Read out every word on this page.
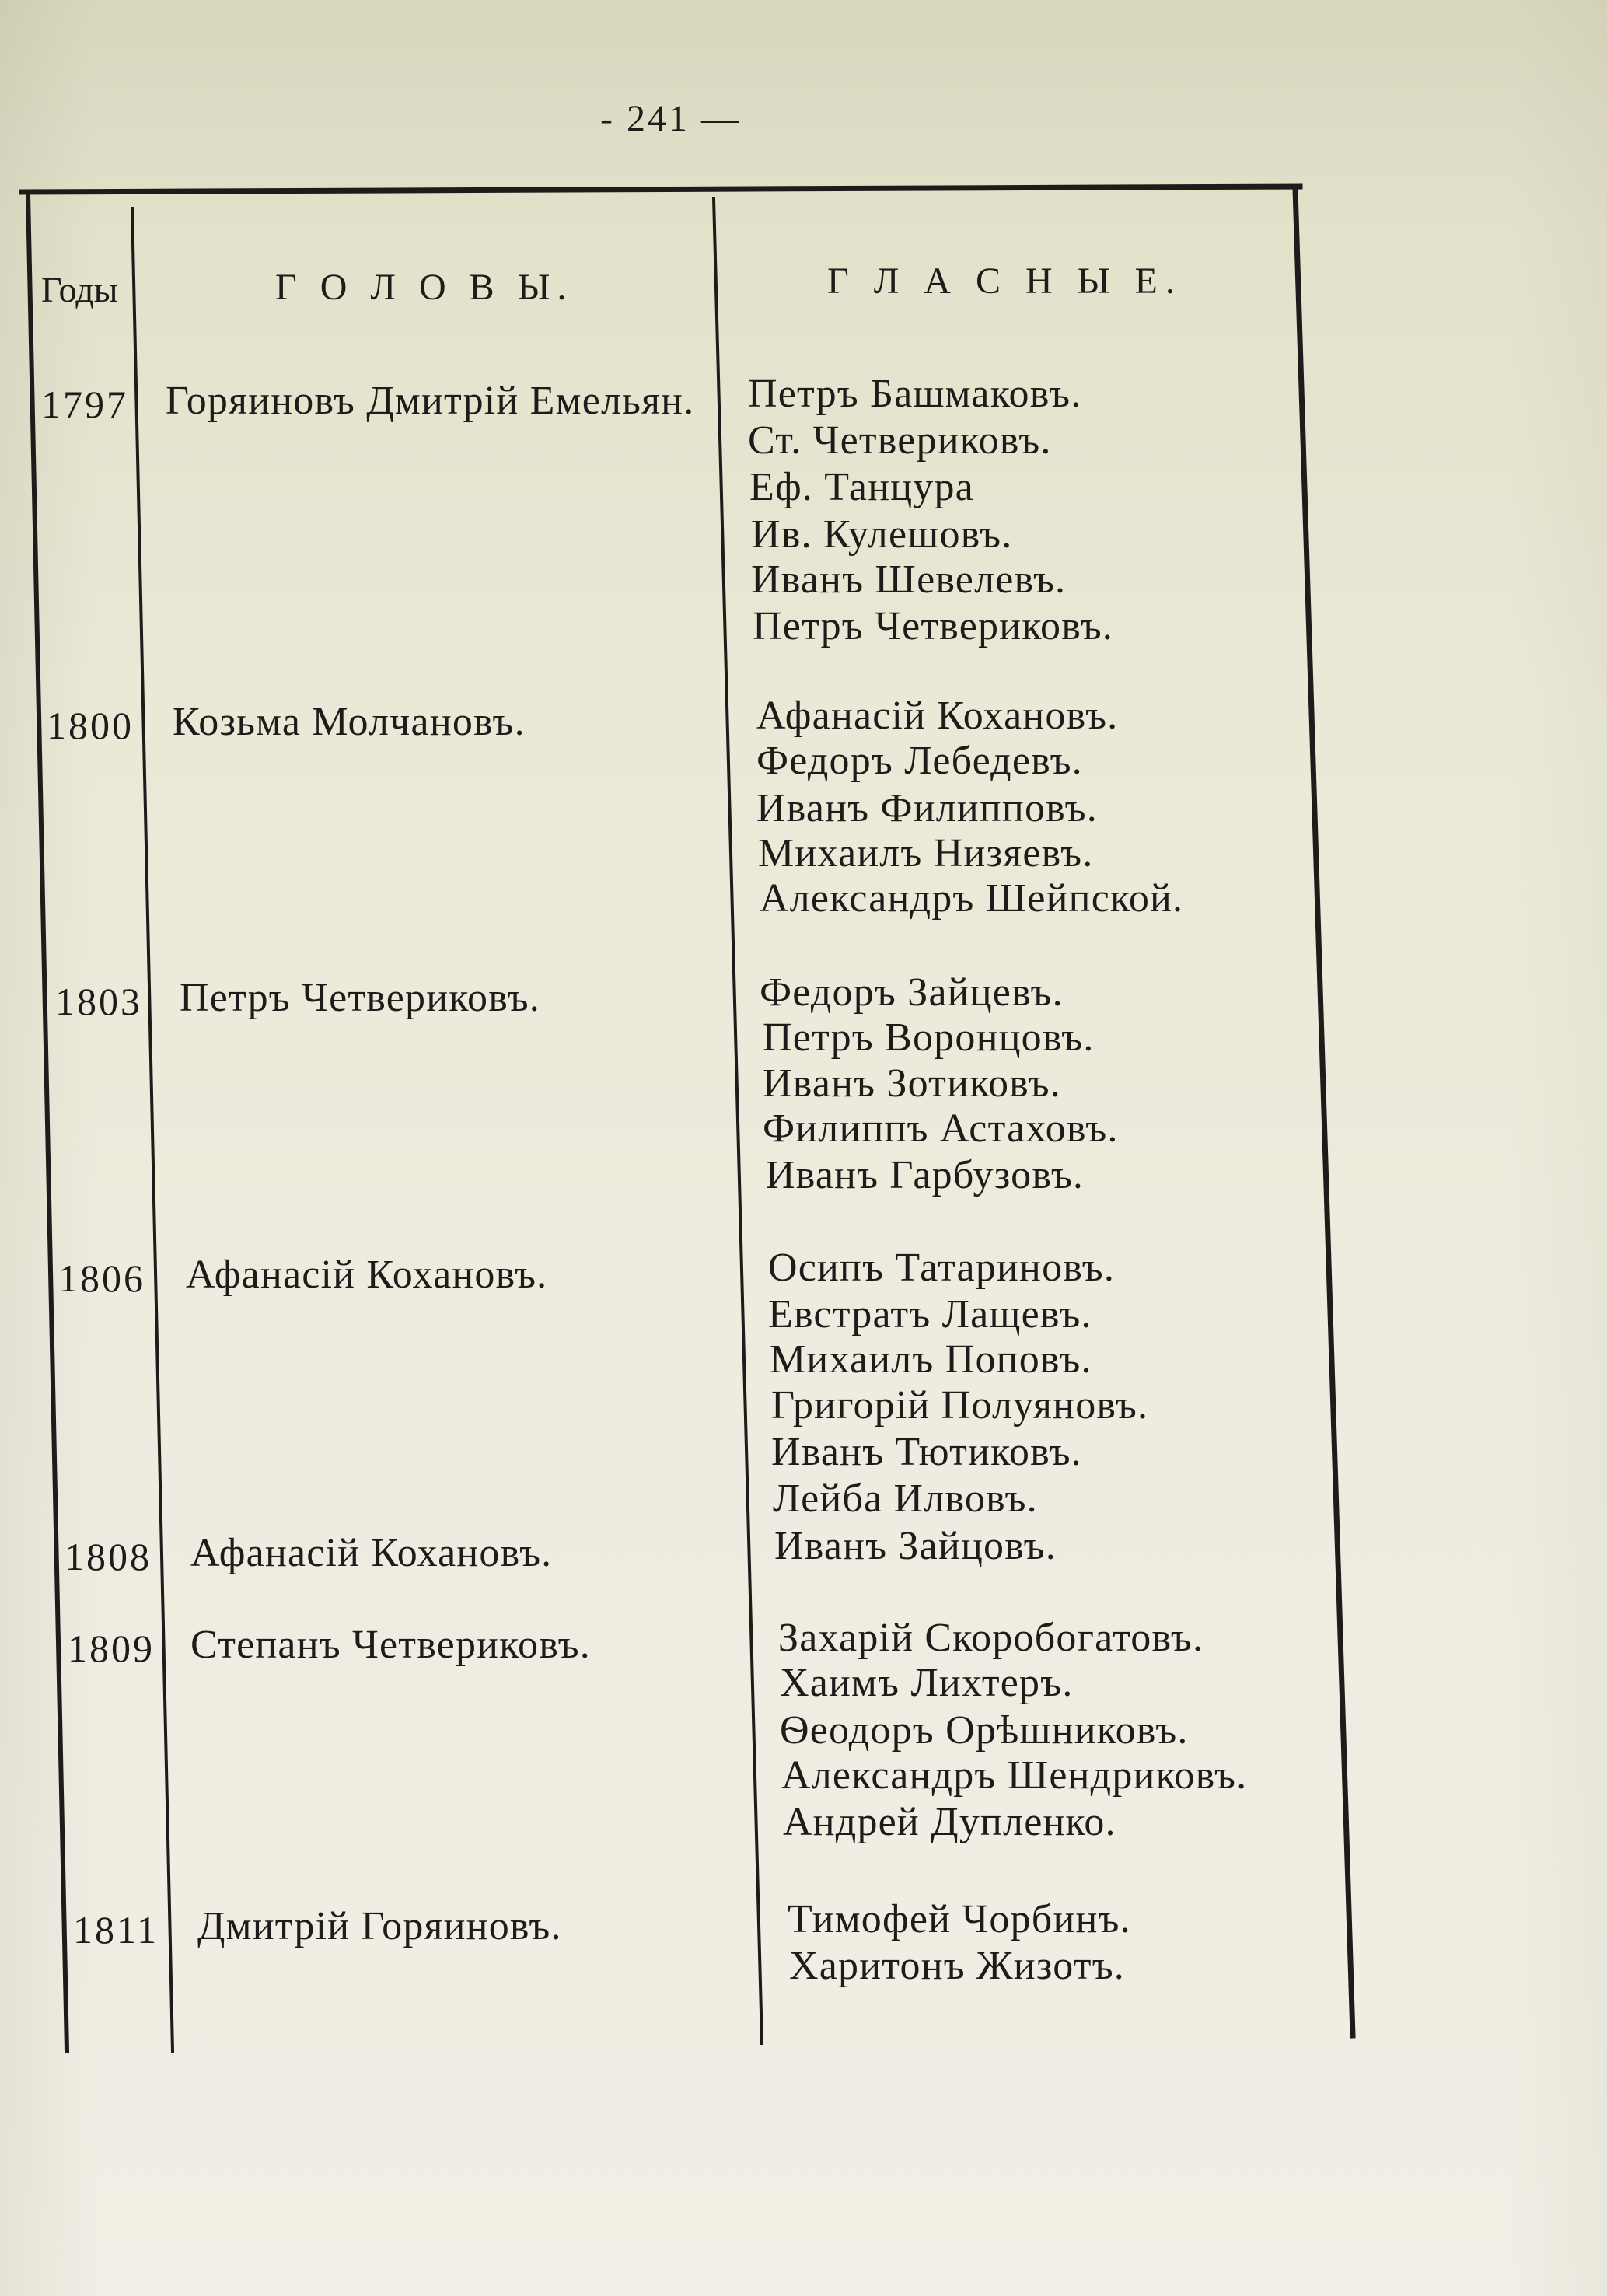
- 241 —
Годы	Г О Л О В Ы.	Г Л А С Н Ы Е.
1797
1800
1803
1806
1808
1809
1811
Горяиновъ Дмитрій Емельян.
Козьма Молчановъ.
Петръ Четвериковъ.
Афанасій Кохановъ.
Афанасій Кохановъ.
Степанъ Четвериковъ.
Дмитрій Горяиновъ.
Петръ Башмаковъ.
Ст. Четвериковъ.
Еф. Танцура
Ив. Кулешовъ.
Иванъ Шевелевъ.
Петръ Четвериковъ.
Афанасій Кохановъ.
Федоръ Лебедевъ.
Иванъ Филипповъ.
Михаилъ Низяевъ.
Александръ Шейпской.
Федоръ Зайцевъ.
Петръ Воронцовъ.
Иванъ Зотиковъ.
Филиппъ Астаховъ.
Иванъ Гарбузовъ.
Осипъ Татариновъ.
Евстратъ Лащевъ.
Михаилъ Поповъ.
Григорій Полуяновъ.
Иванъ Тютиковъ.
Лейба Илвовъ.
Иванъ Зайцовъ.
Захарій Скоробогатовъ.
Хаимъ Лихтеръ.
Ѳеодоръ Орѣшниковъ.
Александръ Шендриковъ.
Андрей Дупленко.
Тимофей Чорбинъ.
Харитонъ Жизотъ.
